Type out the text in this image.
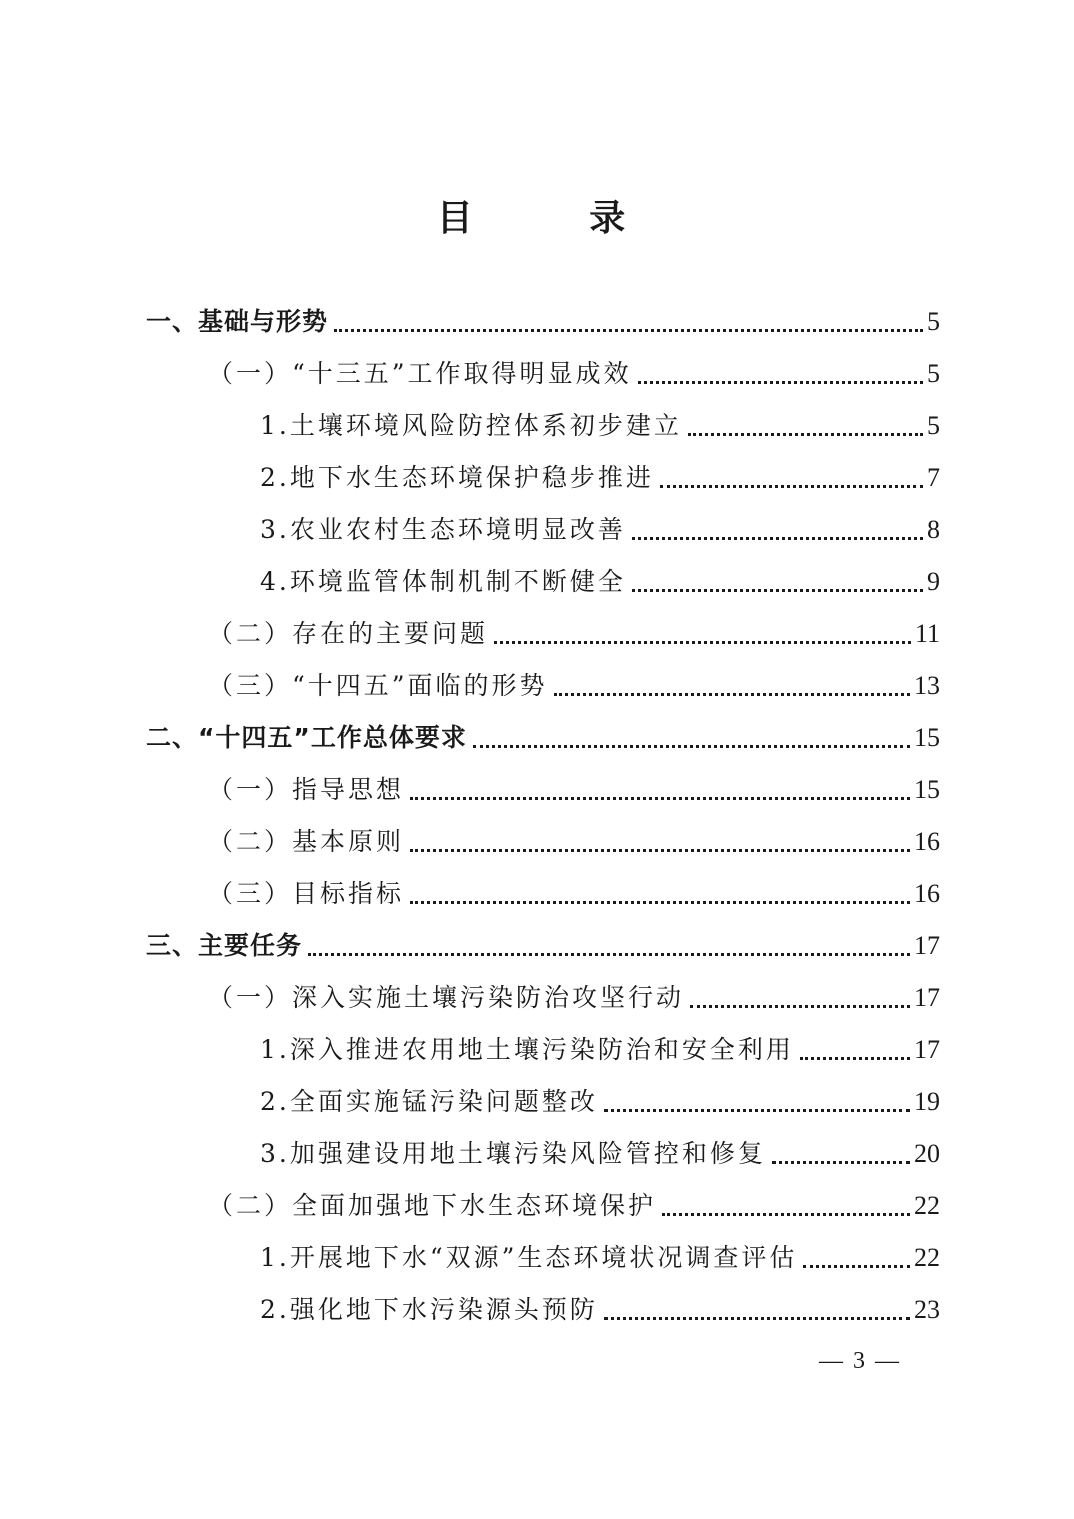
目 录
一、基础与形势	5
（一）“十三五”工作取得明显成效	5
1.土壤环境风险防控体系初步建立	5
2.地下水生态环境保护稳步推进	7
3.农业农村生态环境明显改善	8
4.环境监管体制机制不断健全	9
（二）存在的主要问题	11
（三）“十四五”面临的形势	13
二、“十四五”工作总体要求	15
（一）指导思想	15
（二）基本原则	16
（三）目标指标	16
三、主要任务	17
（一）深入实施土壤污染防治攻坚行动	17
1.深入推进农用地土壤污染防治和安全利用	17
2.全面实施锰污染问题整改	19
3.加强建设用地土壤污染风险管控和修复	20
（二）全面加强地下水生态环境保护	22
1.开展地下水“双源”生态环境状况调查评估	22
2.强化地下水污染源头预防	23
— 3 —
